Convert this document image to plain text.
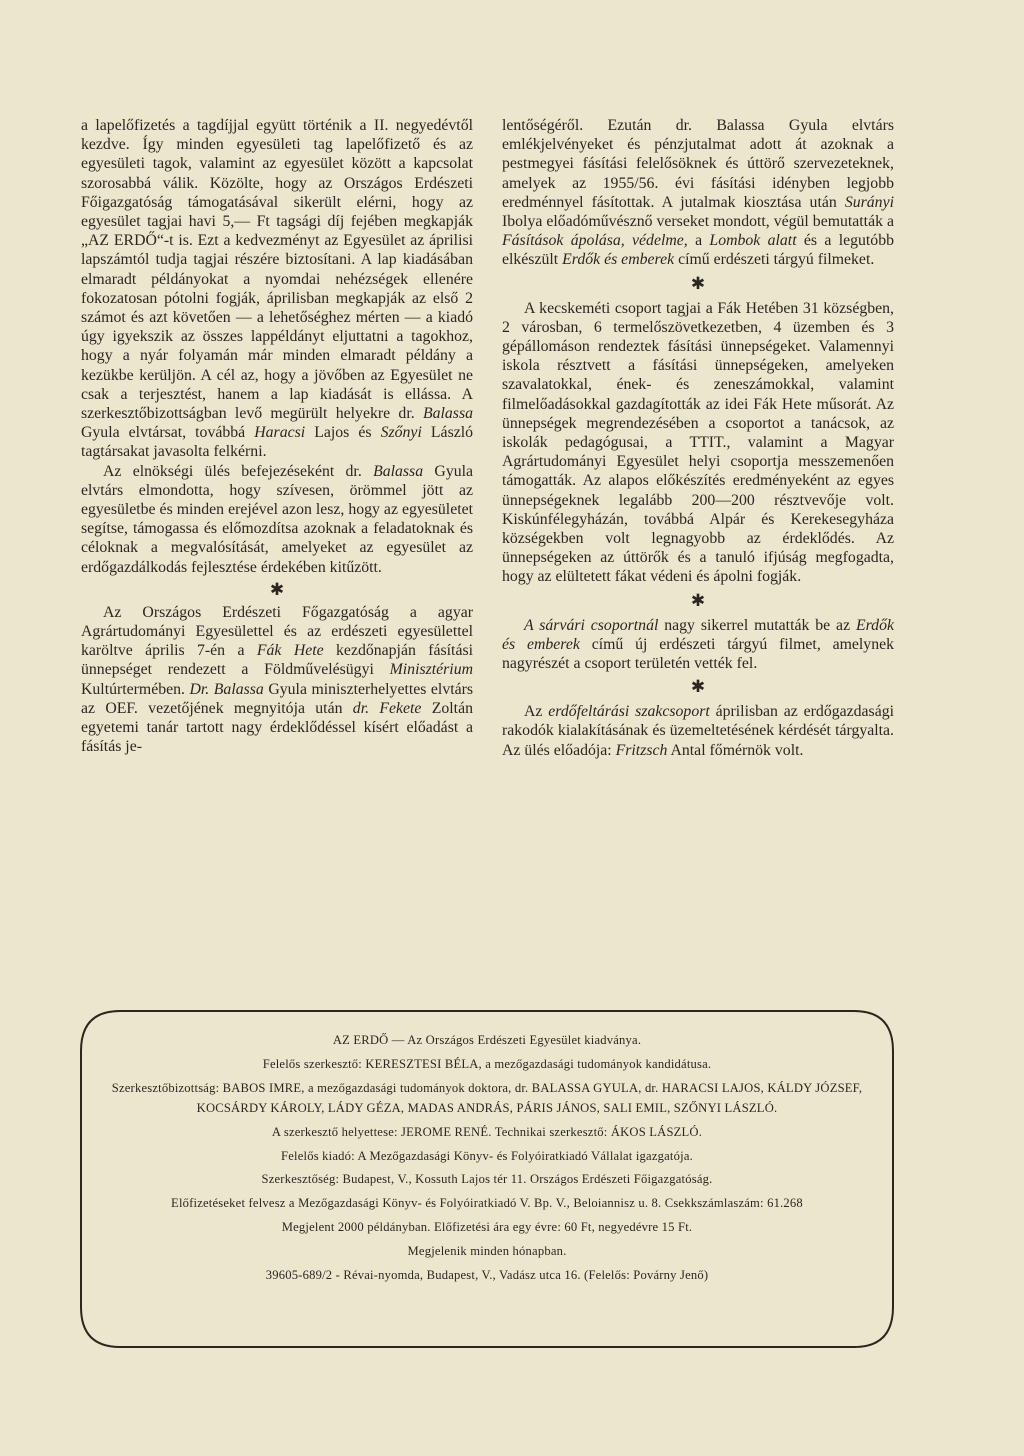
a lapelőfizetés a tagdíjjal együtt történik a II. negyedévtől kezdve. Így minden egyesületi tag lapelőfizető és az egyesületi tagok, valamint az egyesület között a kapcsolat szorosabbá válik. Közölte, hogy az Országos Erdészeti Főigazgatóság támogatásával sikerült elérni, hogy az egyesület tagjai havi 5,— Ft tagsági díj fejében megkapják „AZ ERDŐ“-t is. Ezt a kedvezményt az Egyesület az áprilisi lapszámtól tudja tagjai részére biztosítani. A lap kiadásában elmaradt példányokat a nyomdai nehézségek ellenére fokozatosan pótolni fogják, áprilisban megkapják az első 2 számot és azt követően — a lehetőséghez mérten — a kiadó úgy igyekszik az összes lappéldányt eljuttatni a tagokhoz, hogy a nyár folyamán már minden elmaradt példány a kezükbe kerüljön. A cél az, hogy a jövőben az Egyesület ne csak a terjesztést, hanem a lap kiadását is ellássa. A szerkesztőbizottságban levő megürült helyekre dr. Balassa Gyula elvtársat, továbbá Haracsi Lajos és Szőnyi László tagtársakat javasolta felkérni.

Az elnökségi ülés befejezéseként dr. Balassa Gyula elvtárs elmondotta, hogy szívesen, örömmel jött az egyesületbe és minden erejével azon lesz, hogy az egyesületet segítse, támogassa és előmozdítsa azoknak a feladatoknak és céloknak a megvalósítását, amelyeket az egyesület az erdőgazdálkodás fejlesztése érdekében kitűzött.

✱

Az Országos Erdészeti Főgazgatóság a agyar Agrártudományi Egyesülettel és az erdészeti egyesülettel karöltve április 7-én a Fák Hete kezdőnapján fásítási ünnepséget rendezett a Földművelésügyi Minisztérium Kultúrtermében. Dr. Balassa Gyula miniszterhelyettes elvtárs az OEF. vezetőjének megnyitója után dr. Fekete Zoltán egyetemi tanár tartott nagy érdeklődéssel kísért előadást a fásítás je-

lentőségéről. Ezután dr. Balassa Gyula elvtárs emlékjelvényeket és pénzjutalmat adott át azoknak a pestmegyei fásítási felelősöknek és úttörő szervezeteknek, amelyek az 1955/56. évi fásítási idényben legjobb eredménnyel fásítottak. A jutalmak kiosztása után Surányi Ibolya előadóművésznő verseket mondott, végül bemutatták a Fásítások ápolása, védelme, a Lombok alatt és a legutóbb elkészült Erdők és emberek című erdészeti tárgyú filmeket.

✱

A kecskeméti csoport tagjai a Fák Hetében 31 községben, 2 városban, 6 termelőszövetkezetben, 4 üzemben és 3 gépállomáson rendeztek fásítási ünnepségeket. Valamennyi iskola résztvett a fásítási ünnepségeken, amelyeken szavalatokkal, ének- és zeneszámokkal, valamint filmelőadásokkal gazdagították az idei Fák Hete műsorát. Az ünnepségek megrendezésében a csoportot a tanácsok, az iskolák pedagógusai, a TTIT., valamint a Magyar Agrártudományi Egyesület helyi csoportja messzemenően támogatták. Az alapos előkészítés eredményeként az egyes ünnepségeknek legalább 200—200 résztvevője volt. Kiskúnfélegyházán, továbbá Alpár és Kerekesegyháza községekben volt legnagyobb az érdeklődés. Az ünnepségeken az úttörők és a tanuló ifjúság megfogadta, hogy az elültetett fákat védeni és ápolni fogják.

✱

A sárvári csoportnál nagy sikerrel mutatták be az Erdők és emberek című új erdészeti tárgyú filmet, amelynek nagyrészét a csoport területén vették fel.

✱

Az erdőfeltárási szakcsoport áprilisban az erdőgazdasági rakodók kialakításának és üzemeltetésének kérdését tárgyalta. Az ülés előadója: Fritzsch Antal főmérnök volt.

AZ ERDŐ — Az Országos Erdészeti Egyesület kiadványa.
Felelős szerkesztő: KERESZTESI BÉLA, a mezőgazdasági tudományok kandidátusa.
Szerkesztőbizottság: BABOS IMRE, a mezőgazdasági tudományok doktora, dr. BALASSA GYULA, dr. HARACSI LAJOS, KÁLDY JÓZSEF, KOCSÁRDY KÁROLY, LÁDY GÉZA, MADAS ANDRÁS, PÁRIS JÁNOS, SALI EMIL, SZŐNYI LÁSZLÓ.
A szerkesztő helyettese: JEROME RENÉ. Technikai szerkesztő: ÁKOS LÁSZLÓ.
Felelős kiadó: A Mezőgazdasági Könyv- és Folyóiratkiadó Vállalat igazgatója.
Szerkesztőség: Budapest, V., Kossuth Lajos tér 11. Országos Erdészeti Főigazgatóság.
Előfizetéseket felvesz a Mezőgazdasági Könyv- és Folyóiratkiadó V. Bp. V., Beloiannisz u. 8. Csekkszámlaszám: 61.268
Megjelent 2000 példányban. Előfizetési ára egy évre: 60 Ft, negyedévre 15 Ft.
Megjelenik minden hónapban.
39605-689/2 - Révai-nyomda, Budapest, V., Vadász utca 16. (Felelős: Povárny Jenő)
